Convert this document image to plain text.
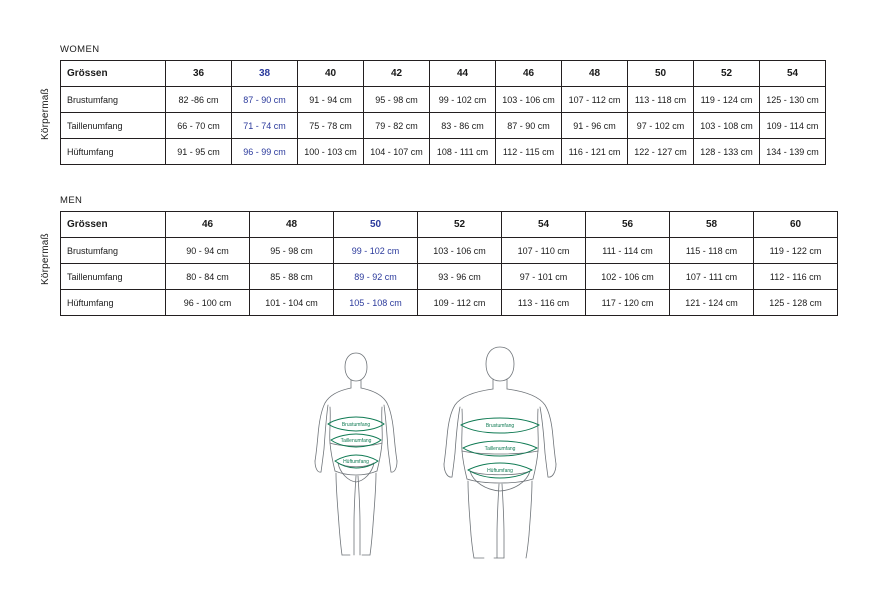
Körpermaß
WOMEN
Grössen	36	38	40	42	44	46	48	50	52	54
Brustumfang	82 -86 cm	87 - 90 cm	91 - 94 cm	95 - 98 cm	99 - 102 cm	103 - 106 cm	107 - 112 cm	113 - 118 cm	119 - 124 cm	125 - 130 cm
Taillenumfang	66 - 70 cm	71 - 74 cm	75 - 78 cm	79 - 82 cm	83 - 86 cm	87 - 90 cm	91 - 96 cm	97 - 102 cm	103 - 108 cm	109 - 114 cm
Hüftumfang	91 - 95 cm	96 - 99 cm	100 - 103 cm	104 - 107 cm	108 - 111 cm	112 - 115 cm	116 - 121 cm	122 - 127 cm	128 - 133 cm	134 - 139 cm
Körpermaß
MEN
Grössen	46	48	50	52	54	56	58	60
Brustumfang	90 - 94 cm	95 - 98 cm	99 - 102 cm	103 - 106 cm	107 - 110 cm	111 - 114 cm	115 - 118 cm	119 - 122 cm
Taillenumfang	80 - 84 cm	85 - 88 cm	89 - 92 cm	93 - 96 cm	97 - 101 cm	102 - 106 cm	107 - 111 cm	112 - 116 cm
Hüftumfang	96 - 100 cm	101 - 104 cm	105 - 108 cm	109 - 112 cm	113 - 116 cm	117 - 120 cm	121 - 124 cm	125 - 128 cm
Brustumfang
Taillenumfang
Hüftumfang
Brustumfang
Taillenumfang
Hüftumfang
